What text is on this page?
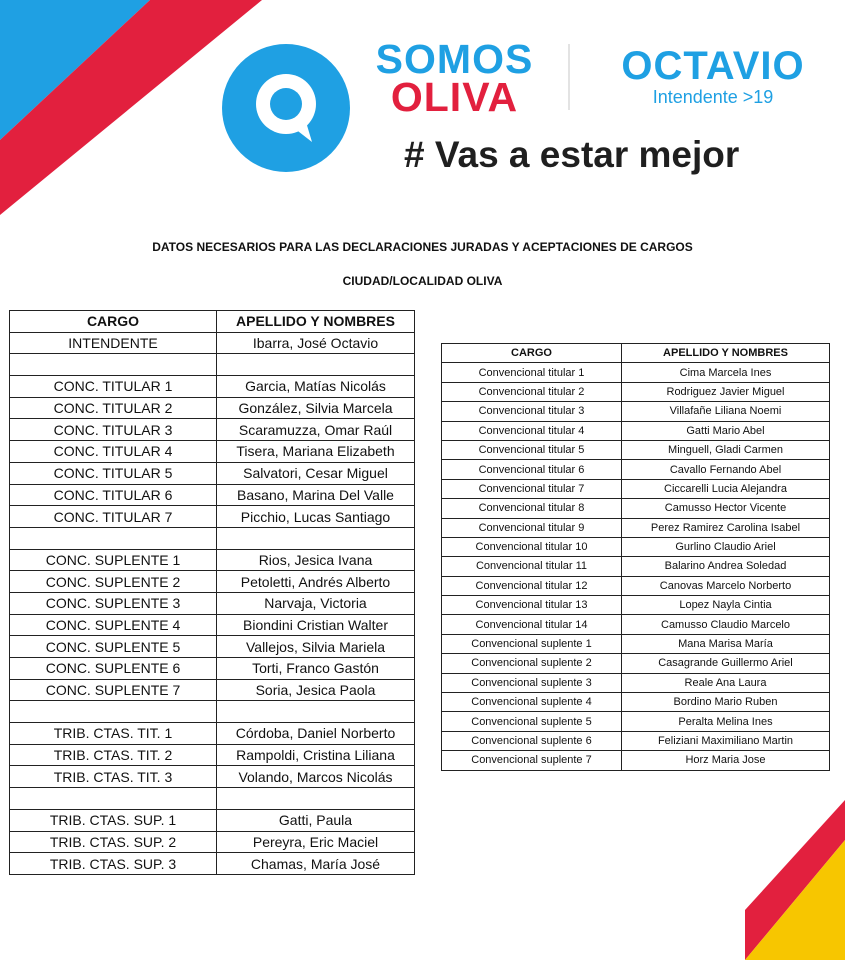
SOMOS
OLIVA
OCTAVIO
Intendente >19
# Vas a estar mejor
DATOS NECESARIOS PARA LAS DECLARACIONES JURADAS Y ACEPTACIONES DE CARGOS
CIUDAD/LOCALIDAD OLIVA
CARGO	APELLIDO Y NOMBRES
INTENDENTE	Ibarra, José Octavio

CONC. TITULAR 1	Garcia, Matías Nicolás
CONC. TITULAR 2	González, Silvia Marcela
CONC. TITULAR 3	Scaramuzza, Omar Raúl
CONC. TITULAR 4	Tisera, Mariana Elizabeth
CONC. TITULAR 5	Salvatori, Cesar Miguel
CONC. TITULAR 6	Basano, Marina Del Valle
CONC. TITULAR 7	Picchio, Lucas Santiago

CONC. SUPLENTE 1	Rios, Jesica Ivana
CONC. SUPLENTE 2	Petoletti, Andrés Alberto
CONC. SUPLENTE 3	Narvaja, Victoria
CONC. SUPLENTE 4	Biondini Cristian Walter
CONC. SUPLENTE 5	Vallejos, Silvia Mariela
CONC. SUPLENTE 6	Torti, Franco Gastón
CONC. SUPLENTE 7	Soria, Jesica Paola

TRIB. CTAS. TIT. 1	Córdoba, Daniel Norberto
TRIB. CTAS. TIT. 2	Rampoldi, Cristina Liliana
TRIB. CTAS. TIT. 3	Volando, Marcos Nicolás

TRIB. CTAS. SUP. 1	Gatti, Paula
TRIB. CTAS. SUP. 2	Pereyra, Eric Maciel
TRIB. CTAS. SUP. 3	Chamas, María José
CARGO	APELLIDO Y NOMBRES
Convencional titular 1	Cima Marcela Ines
Convencional titular 2	Rodriguez Javier Miguel
Convencional titular 3	Villafañe Liliana Noemi
Convencional titular 4	Gatti Mario Abel
Convencional titular 5	Minguell, Gladi Carmen
Convencional titular 6	Cavallo Fernando Abel
Convencional titular 7	Ciccarelli Lucia Alejandra
Convencional titular 8	Camusso Hector Vicente
Convencional titular 9	Perez Ramirez Carolina Isabel
Convencional titular 10	Gurlino Claudio Ariel
Convencional titular 11	Balarino Andrea Soledad
Convencional titular 12	Canovas Marcelo Norberto
Convencional titular 13	Lopez Nayla Cintia
Convencional titular 14	Camusso Claudio Marcelo
Convencional suplente 1	Mana Marisa María
Convencional suplente 2	Casagrande Guillermo Ariel
Convencional suplente 3	Reale Ana Laura
Convencional suplente 4	Bordino Mario Ruben
Convencional suplente 5	Peralta Melina Ines
Convencional suplente 6	Feliziani Maximiliano Martin
Convencional suplente 7	Horz Maria Jose
